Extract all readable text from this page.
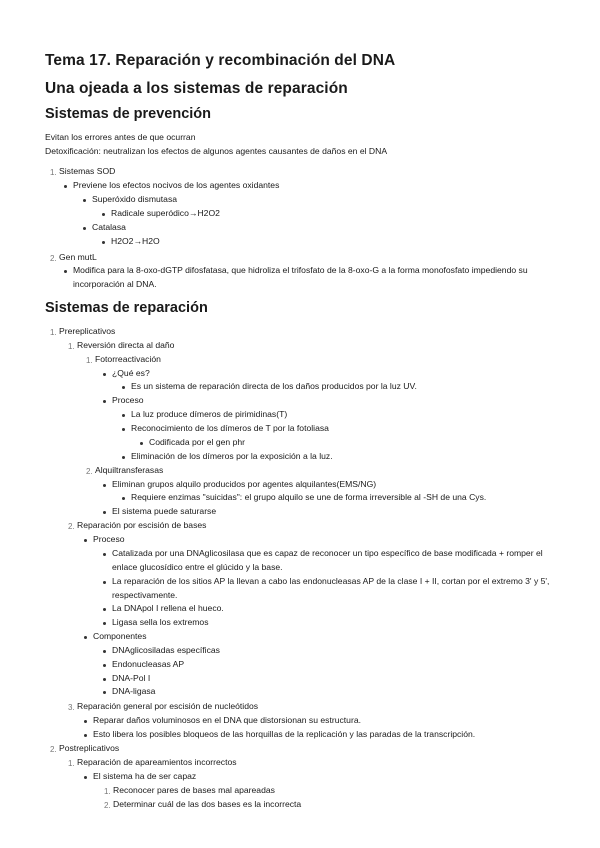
Tema 17. Reparación y recombinación del DNA
Una ojeada a los sistemas de reparación
Sistemas de prevención
Evitan los errores antes de que ocurran
Detoxificación: neutralizan los efectos de algunos agentes causantes de daños en el DNA
1. Sistemas SOD
Previene los efectos nocivos de los agentes oxidantes
Superóxido dismutasa
Radicale superódico→H2O2
Catalasa
H2O2→H2O
2. Gen mutL
Modifica para la 8-oxo-dGTP difosfatasa, que hidroliza el trifosfato de la 8-oxo-G a la forma monofosfato impediendo su incorporación al DNA.
Sistemas de reparación
1. Prereplicativos
1. Reversión directa al daño
1. Fotorreactivación
¿Qué es?
Es un sistema de reparación directa de los daños producidos por la luz UV.
Proceso
La luz produce dímeros de pirimidinas(T)
Reconocimiento de los dímeros de T por la fotoliasa
Codificada por el gen phr
Eliminación de los dímeros por la exposición a la luz.
2. Alquiltransferasas
Eliminan grupos alquilo producidos por agentes alquilantes(EMS/NG)
Requiere enzimas "suicidas": el grupo alquilo se une de forma irreversible al -SH de una Cys.
El sistema puede saturarse
2. Reparación por escisión de bases
Proceso
Catalizada por una DNAglicosilasa que es capaz de reconocer un tipo específico de base modificada + romper el enlace glucosídico entre el glúcido y la base.
La reparación de los sitios AP la llevan a cabo las endonucleasas AP de la clase I + II, cortan por el extremo 3' y 5', respectivamente.
La DNApol I rellena el hueco.
Ligasa sella los extremos
Componentes
DNAglicosiladas específicas
Endonucleasas AP
DNA-Pol I
DNA-ligasa
3. Reparación general por escisión de nucleótidos
Reparar daños voluminosos en el DNA que distorsionan su estructura.
Esto libera los posibles bloqueos de las horquillas de la replicación y las paradas de la transcripción.
2. Postreplicativos
1. Reparación de apareamientos incorrectos
El sistema ha de ser capaz
1. Reconocer pares de bases mal apareadas
2. Determinar cuál de las dos bases es la incorrecta
